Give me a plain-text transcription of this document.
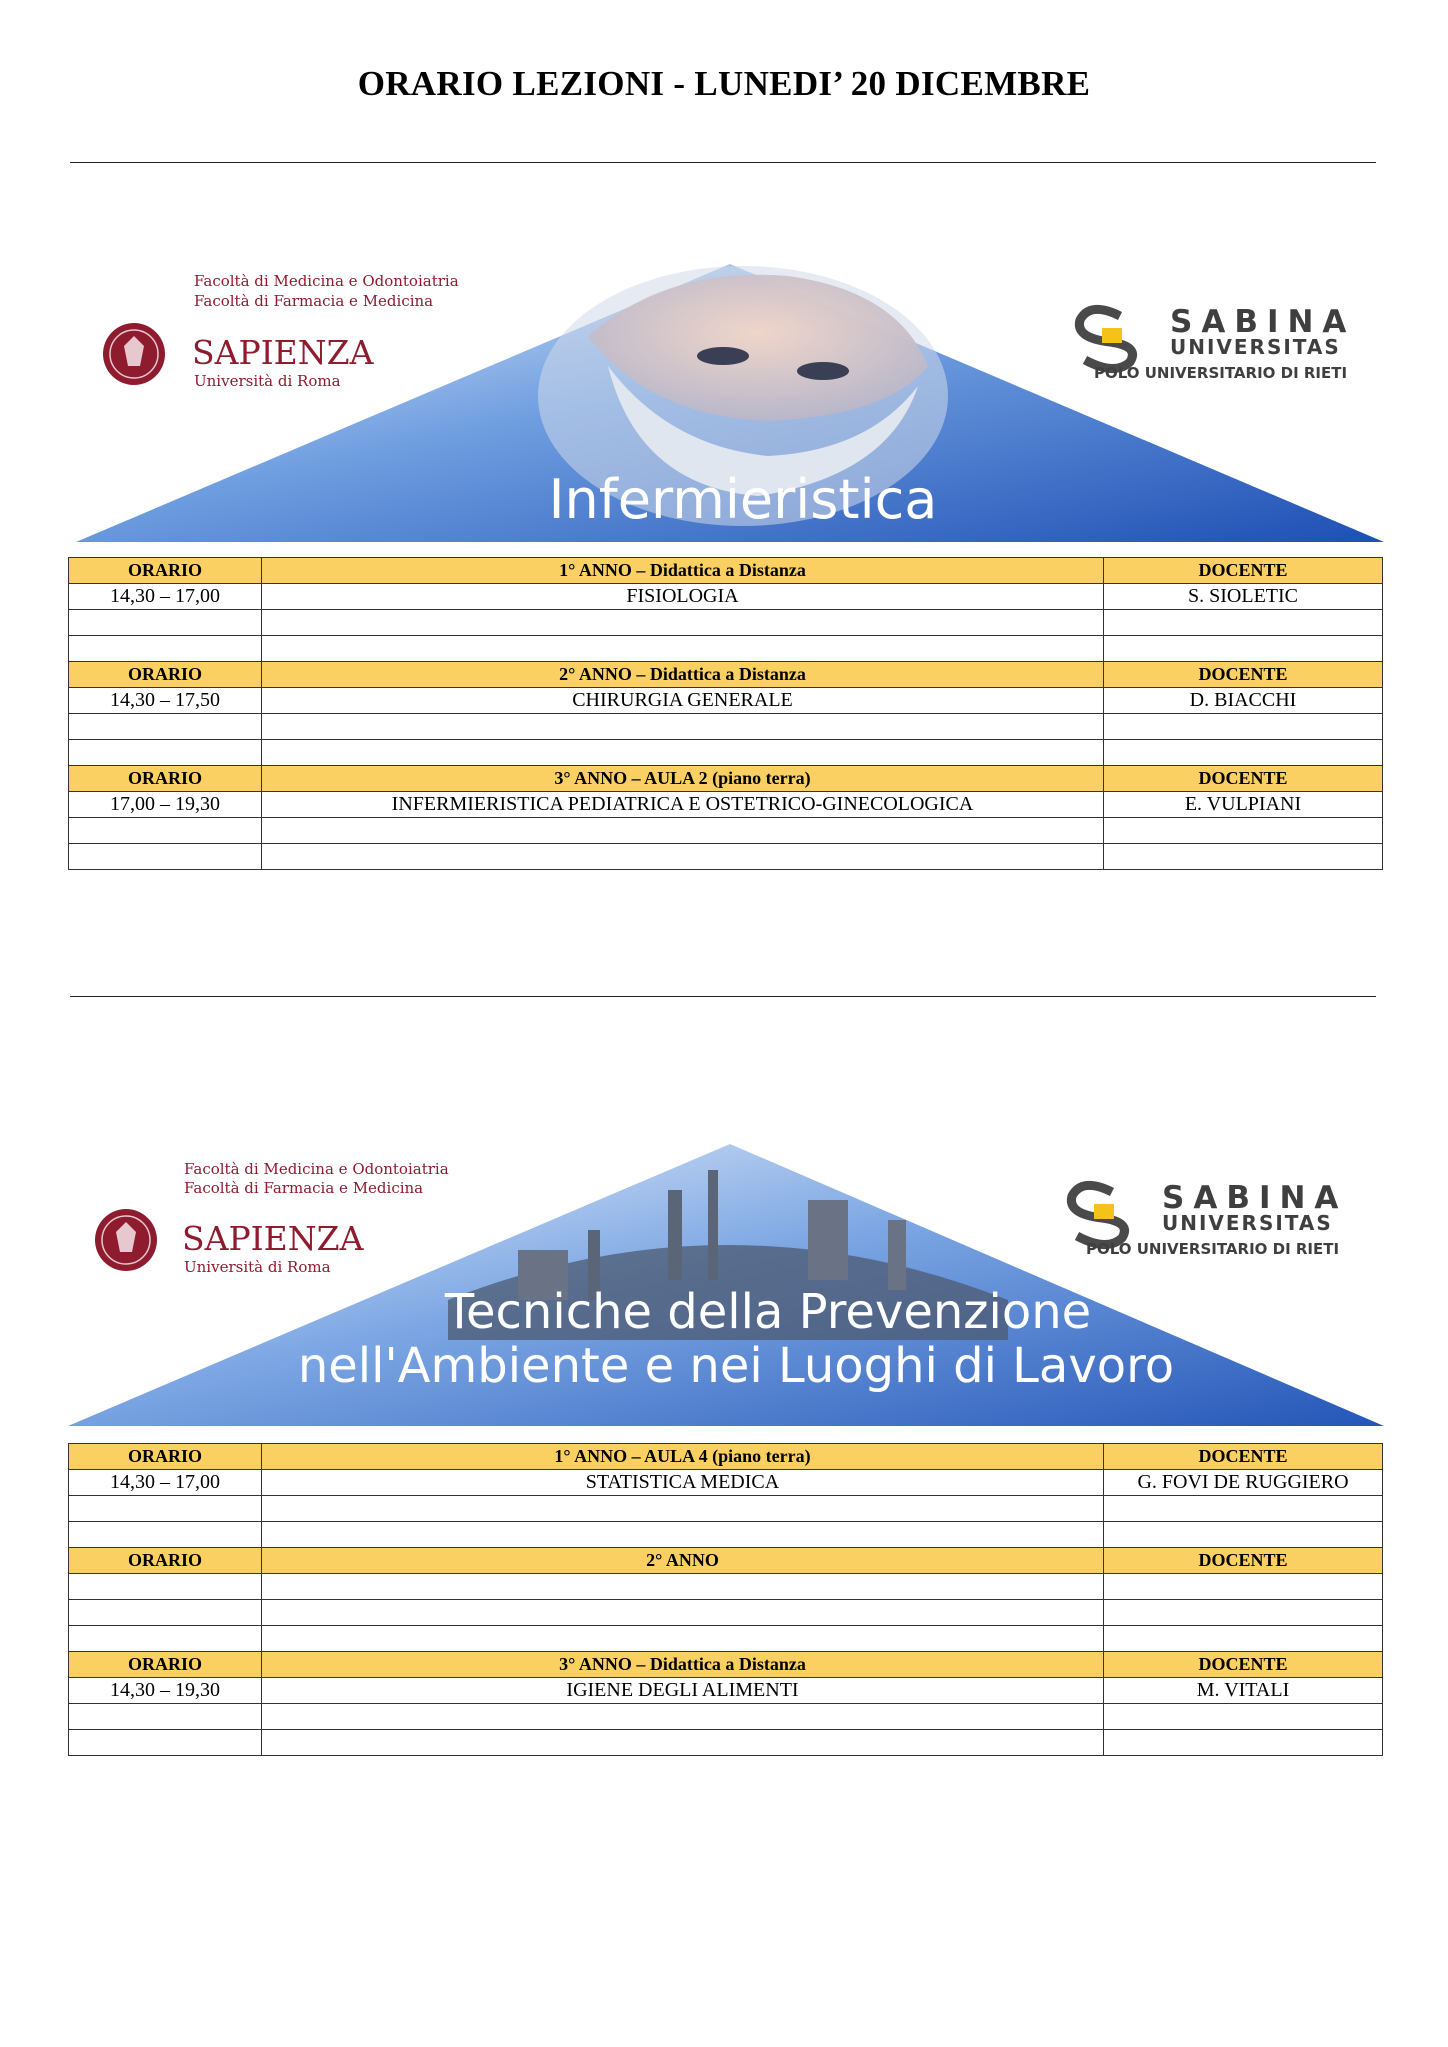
ORARIO LEZIONI - LUNEDI’ 20 DICEMBRE
Infermieristica
Facoltà di Medicina e Odontoiatria
Facoltà di Farmacia e Medicina
SAPIENZA
Università di Roma
SABINA
UNIVERSITAS
POLO UNIVERSITARIO DI RIETI
ORARIO	1° ANNO – Didattica a Distanza	DOCENTE
14,30 – 17,00	FISIOLOGIA	S. SIOLETIC

ORARIO	2° ANNO – Didattica a Distanza	DOCENTE
14,30 – 17,50	CHIRURGIA GENERALE	D. BIACCHI

ORARIO	3° ANNO – AULA 2 (piano terra)	DOCENTE
17,00 – 19,30	INFERMIERISTICA PEDIATRICA E OSTETRICO-GINECOLOGICA	E. VULPIANI

Tecniche della Prevenzione
nell'Ambiente e nei Luoghi di Lavoro
Facoltà di Medicina e Odontoiatria
Facoltà di Farmacia e Medicina
SAPIENZA
Università di Roma
SABINA
UNIVERSITAS
POLO UNIVERSITARIO DI RIETI
ORARIO	1° ANNO – AULA 4 (piano terra)	DOCENTE
14,30 – 17,00	STATISTICA MEDICA	G. FOVI DE RUGGIERO

ORARIO	2° ANNO	DOCENTE

ORARIO	3° ANNO – Didattica a Distanza	DOCENTE
14,30 – 19,30	IGIENE DEGLI ALIMENTI	M. VITALI
